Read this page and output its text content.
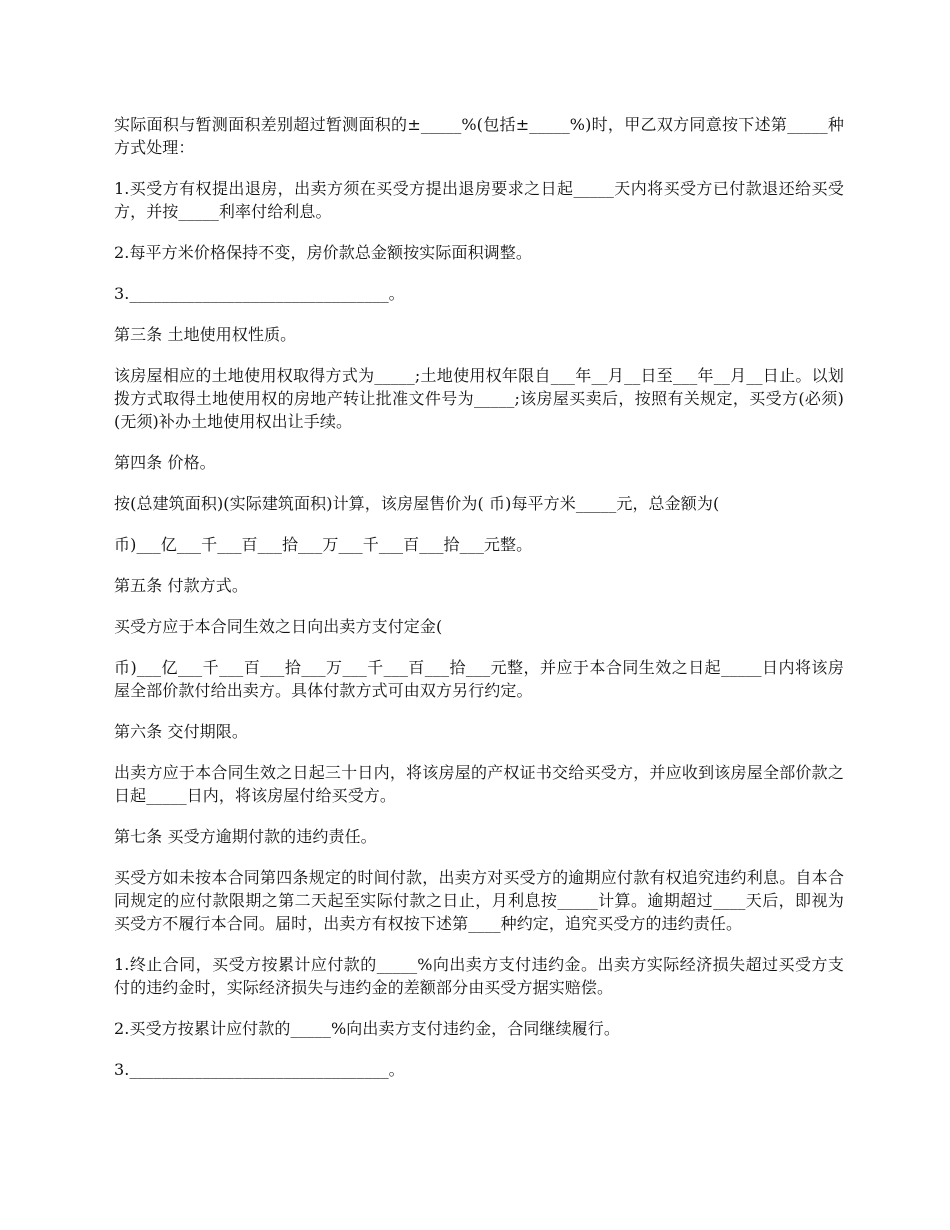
实际面积与暂测面积差别超过暂测面积的±_____%(包括±_____%)时，甲乙双方同意按下述第_____种方式处理：

1.买受方有权提出退房，出卖方须在买受方提出退房要求之日起_____天内将买受方已付款退还给买受方，并按_____利率付给利息。

2.每平方米价格保持不变，房价款总金额按实际面积调整。

3.________________________________。

第三条 土地使用权性质。

该房屋相应的土地使用权取得方式为_____;土地使用权年限自___年__月__日至___年__月__日止。以划拨方式取得土地使用权的房地产转让批准文件号为_____;该房屋买卖后，按照有关规定，买受方(必须)(无须)补办土地使用权出让手续。

第四条 价格。

按(总建筑面积)(实际建筑面积)计算，该房屋售价为( 币)每平方米_____元，总金额为(

币)___亿___千___百___拾___万___千___百___拾___元整。

第五条 付款方式。

买受方应于本合同生效之日向出卖方支付定金(

币)___亿___千___百___拾___万___千___百___拾___元整，并应于本合同生效之日起_____日内将该房屋全部价款付给出卖方。具体付款方式可由双方另行约定。

第六条 交付期限。

出卖方应于本合同生效之日起三十日内，将该房屋的产权证书交给买受方，并应收到该房屋全部价款之日起_____日内，将该房屋付给买受方。

第七条 买受方逾期付款的违约责任。

买受方如未按本合同第四条规定的时间付款，出卖方对买受方的逾期应付款有权追究违约利息。自本合同规定的应付款限期之第二天起至实际付款之日止，月利息按_____计算。逾期超过____天后，即视为买受方不履行本合同。届时，出卖方有权按下述第____种约定，追究买受方的违约责任。

1.终止合同，买受方按累计应付款的_____%向出卖方支付违约金。出卖方实际经济损失超过买受方支付的违约金时，实际经济损失与违约金的差额部分由买受方据实赔偿。

2.买受方按累计应付款的_____%向出卖方支付违约金，合同继续履行。

3.________________________________。
